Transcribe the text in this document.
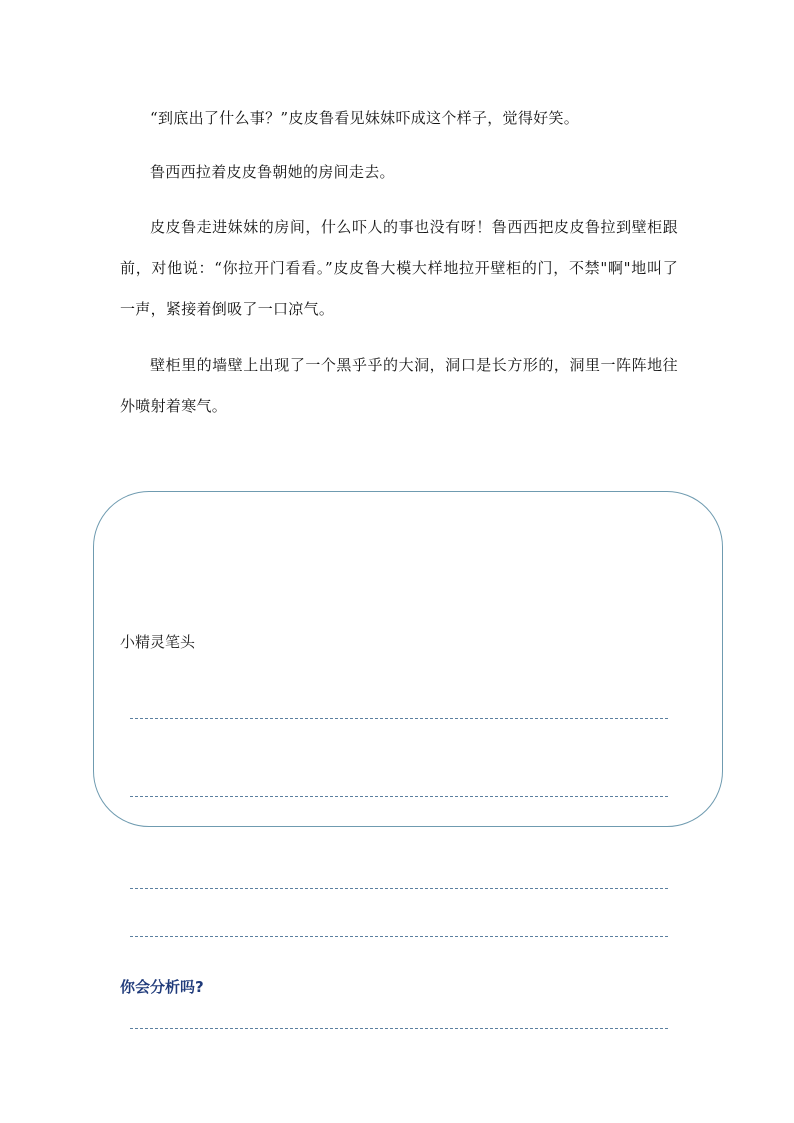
“到底出了什么事？”皮皮鲁看见妹妹吓成这个样子，觉得好笑。

鲁西西拉着皮皮鲁朝她的房间走去。

皮皮鲁走进妹妹的房间，什么吓人的事也没有呀！鲁西西把皮皮鲁拉到壁柜跟前，对他说：“你拉开门看看。”皮皮鲁大模大样地拉开壁柜的门，不禁"啊"地叫了一声，紧接着倒吸了一口凉气。

壁柜里的墙壁上出现了一个黑乎乎的大洞，洞口是长方形的，洞里一阵阵地往外喷射着寒气。

小精灵笔头

你会分析吗?
